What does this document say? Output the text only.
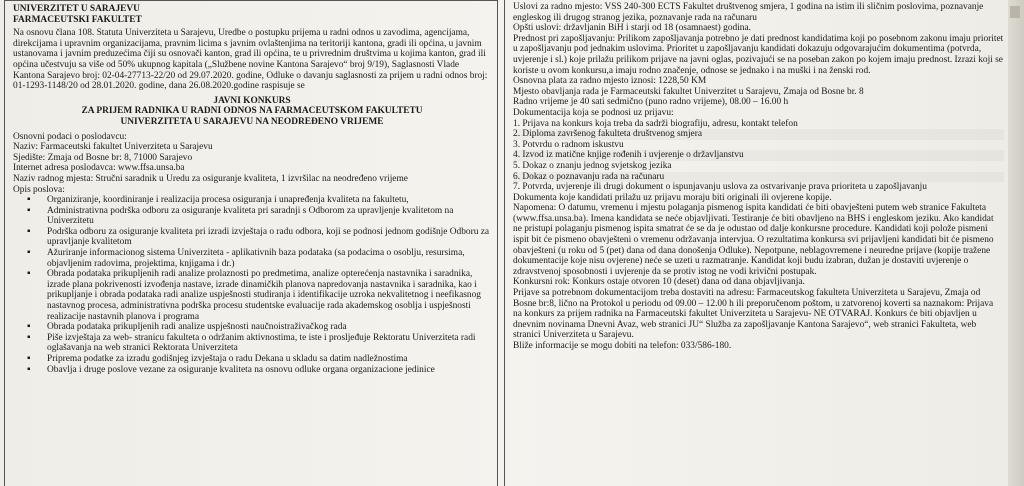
UNIVERZITET U SARAJEVU
FARMACEUTSKI FAKULTET

Na osnovu člana 108. Statuta Univerziteta u Sarajevu, Uredbe o postupku prijema u radni odnos u zavodima, agencijama, direkcijama i upravnim organizacijama, pravnim licima s javnim ovlaštenjima na teritoriji kantona, gradi ili općina, u javnim ustanovama i javnim preduzećima čiji su osnovači kanton, grad ili općina, te u privrednim društvima u kojima kanton, grad ili općina učestvuju sa više od 50% ukupnog kapitala („Službene novine Kantona Sarajevo“ broj 9/19), Saglasnosti Vlade Kantona Sarajevo broj: 02-04-27713-22/20 od 29.07.2020. godine, Odluke o davanju saglasnosti za prijem u radni odnos broj: 01-1293-1148/20 od 28.01.2020. godine, dana 26.08.2020.godine raspisuje se

JAVNI KONKURS
ZA PRIJEM RADNIKA U RADNI ODNOS NA FARMACEUTSKOM FAKULTETU
UNIVERZITETA U SARAJEVU NA NEODREĐENO VRIJEME
Osnovni podaci o poslodavcu:
Naziv: Farmaceutski fakultet Univerziteta u Sarajevu
Sjedište: Zmaja od Bosne br: 8, 71000 Sarajevo
Internet adresa poslodavca: www.ffsa.unsa.ba
Naziv radnog mjesta: Stručni saradnik u Uredu za osiguranje kvaliteta, 1 izvršilac na neodređeno vrijeme
Opis poslova:
▪ Organiziranje, koordiniranje i realizacija procesa osiguranja i unapređenja kvaliteta na fakultetu,
▪ Administrativna podrška odboru za osiguranje kvaliteta pri saradnji s Odborom za upravljenje kvalitetom na Univerzitetu
▪ Podrška odboru za osiguranje kvaliteta pri izradi izvještaja o radu odbora, koji se podnosi jednom godišnje Odboru za upravljanje kvalitetom
▪ Ažuriranje informacionog sistema Univerziteta - aplikativnih baza podataka (sa podacima o osoblju, resursima, objavljenim radovima, projektima, knjigama i dr.)
▪ Obrada podataka prikupljenih radi analize prolaznosti po predmetima, analize opterećenja nastavnika i saradnika, izrade plana pokrivenosti izvođenja nastave, izrade dinamičkih planova napredovanja nastavnika i saradnika, kao i prikupljanje i obrada podataka radi analize uspješnosti studiranja i identifikacije uzroka nekvalitetnog i neefikasnog nastavnog procesa, administrativna podrška procesu studentske evaluacije rada akademskog osoblja i uspješnosti realizacije nastavnih planova i programa
▪ Obrada podataka prikupljenih radi analize uspješnosti naučnoistraživačkog rada
▪ Piše izvještaja za web- stranicu fakulteta o održanim aktivnostima, te iste i prosljeđuje Rektoratu Univerziteta radi oglašavanja na web stranici Rektorata Univerziteta
▪ Priprema podatke za izradu godišnjeg izvještaja o radu Dekana u skladu sa datim nadležnostima
▪ Obavlja i druge poslove vezane za osiguranje kvaliteta na osnovu odluke organa organizacione jedinice

Uslovi za radno mjesto: VSS 240-300 ECTS Fakultet društvenog smjera, 1 godina na istim ili sličnim poslovima, poznavanje engleskog ili drugog stranog jezika, poznavanje rada na računaru

Opšti uslovi: državljanin BiH i starji od 18 (osamnaest) godina.

Prednost pri zapošljavanju: Prilikom zapošljavanja potrebno je dati prednost kandidatima koji po posebnom zakonu imaju prioritet u zapošljavanju pod jednakim uslovima. Prioritet u zapošljavanju kandidati dokazuju odgovarajućim dokumentima (potvrda, uvjerenje i sl.) koje prilažu prilikom prijave na javni oglas, pozivajući se na poseban zakon po kojem imaju prednost. Izrazi koji se koriste u ovom konkursu,a imaju rodno značenje, odnose se jednako i na muški i na ženski rod.

Osnovna plata za radno mjesto iznosi: 1228,50 KM

Mjesto obavljanja rada je Farmaceutski fakultet Univerzitet u Sarajevu, Zmaja od Bosne br. 8

Radno vrijeme je 40 sati sedmično (puno radno vrijeme), 08.00 – 16.00 h

Dokumentacija koja se podnosi uz prijavu:

1. Prijava na konkurs koja treba da sadrži biografiju, adresu, kontakt telefon

2. Diploma završenog fakulteta društvenog smjera

3. Potvrdu o radnom iskustvu

4. Izvod iz matične knjige rođenih i uvjerenje o državljanstvu

5. Dokaz o znanju jednog svjetskog jezika

6. Dokaz o poznavanju rada na računaru

7. Potvrda, uvjerenje ili drugi dokument o ispunjavanju uslova za ostvarivanje prava prioriteta u zapošljavanju

Dokumenta koje kandidati prilažu uz prijavu moraju biti originali ili ovjerene kopije.

Napomena: O datumu, vremenu i mjestu polaganja pismenog ispita kandidati će biti obavješteni putem web stranice Fakulteta (www.ffsa.unsa.ba). Imena kandidata se neće objavljivati. Testiranje će biti obavljeno na BHS i engleskom jeziku. Ako kandidat ne pristupi polaganju pismenog ispita smatrat će se da je odustao od dalje konkursne procedure. Kandidati koji polože pismeni ispit bit će pismeno obavješteni o vremenu održavanja intervjua. O rezultatima konkursa svi prijavljeni kandidati bit će pismeno obavješteni (u roku od 5 (pet) dana od dana donošenja Odluke). Nepotpune, neblagovremene i neuredne prijave (kopije tražene dokumentacije koje nisu ovjerene) neće se uzeti u razmatranje. Kandidat koji budu izabran, dužan je dostaviti uvjerenje o zdravstvenoj sposobnosti i uvjerenje da se protiv istog ne vodi krivični postupak.

Konkursni rok: Konkurs ostaje otvoren 10 (deset) dana od dana objavljivanja.

Prijave sa potrebnom dokumentacijom treba dostaviti na adresu: Farmaceutskog fakulteta Univerziteta u Sarajevu, Zmaja od Bosne br:8, lično na Protokol u periodu od 09.00 – 12.00 h ili preporučenom poštom, u zatvorenoj koverti sa naznakom: Prijava na konkurs za prijem radnika na Farmaceutski fakultet Univerziteta u Sarajevu- NE OTVARAJ. Konkurs će biti objavljen u dnevnim novinama Dnevni Avaz, web stranici JU“ Služba za zapošljavanje Kantona Sarajevo“, web stranici Fakulteta, web stranici Univerziteta u Sarajevu.

Bliže informacije se mogu dobiti na telefon: 033/586-180.
